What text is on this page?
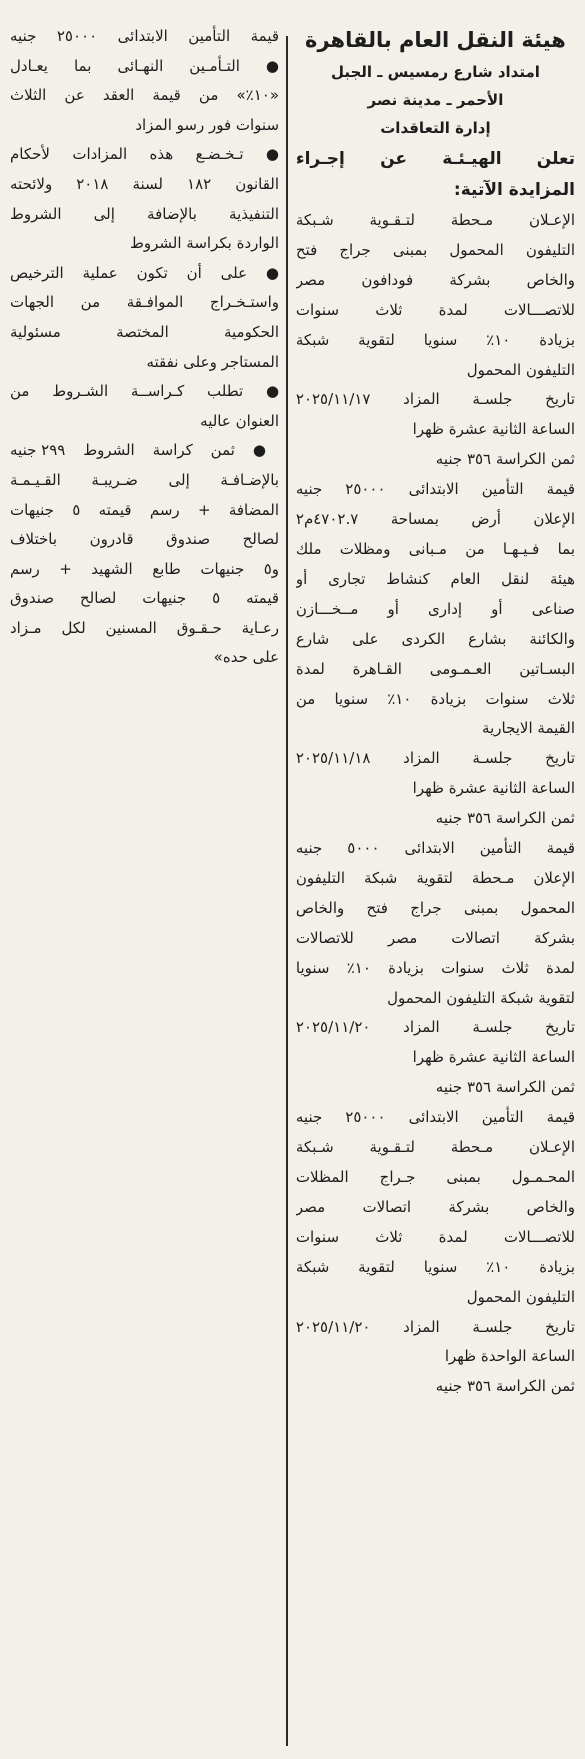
هيئة النقل العام بالقاهرة
امتداد شارع رمسيس ـ الجبل
الأحمر ـ مدينة نصر
إدارة التعاقدات
تعلن الهيـئـة عن إجـراء
المزايدة الآتية:
الإعـلان مـحطة لتـقـوية شـبكة
التليفون المحمول بمبنى جراج فتح
والخاص بشركة فودافون مصر
للاتصـــالات لمدة ثلاث سنوات
بزيادة ١٠٪ سنويا لتقوية شبكة
التليفون المحمول
تاريخ جلسـة المزاد ٢٠٢٥/١١/١٧
الساعة الثانية عشرة ظهرا
ثمن الكراسة ٣٥٦ جنيه
قيمة التأمين الابتدائى ٢٥٠٠٠ جنيه
الإعلان أرض بمساحة ٤٧٠٢.٧م٢
بما فـيـهـا من مـبانى ومظلات ملك
هيئة لنقل العام كنشاط تجارى أو
صناعى أو إدارى أو مــخـــازن
والكائنة بشارع الكردى على شارع
البسـاتين العـمـومى القـاهرة لمدة
ثلاث سنوات بزيادة ١٠٪ سنويا من
القيمة الايجارية
تاريخ جلسـة المزاد ٢٠٢٥/١١/١٨
الساعة الثانية عشرة ظهرا
ثمن الكراسة ٣٥٦ جنيه
قيمة التأمين الابتدائى ٥٠٠٠ جنيه
الإعلان مـحطة لتقوية شبكة التليفون
المحمول بمبنى جراج فتح والخاص
بشركة اتصالات مصر للاتصالات
لمدة ثلاث سنوات بزيادة ١٠٪ سنويا
لتقوية شبكة التليفون المحمول
تاريخ جلسـة المزاد ٢٠٢٥/١١/٢٠
الساعة الثانية عشرة ظهرا
ثمن الكراسة ٣٥٦ جنيه
قيمة التأمين الابتدائى ٢٥٠٠٠ جنيه
الإعـلان مـحطة لتـقـوية شـبكة
المحـمـول بمبنى جـراج المظلات
والخاص بشركة اتصالات مصر
للاتصـــالات لمدة ثلاث سنوات
بزيادة ١٠٪ سنويا لتقوية شبكة
التليفون المحمول
تاريخ جلسـة المزاد ٢٠٢٥/١١/٢٠
الساعة الواحدة ظهرا
ثمن الكراسة ٣٥٦ جنيه
قيمة التأمين الابتدائى ٢٥٠٠٠ جنيه
● التـأمـين النهـائى بما يعـادل
«١٠٪» من قيمة العقد عن الثلاث
سنوات فور رسو المزاد
● تـخـضـع هذه المزادات لأحكام
القانون ١٨٢ لسنة ٢٠١٨ ولائحته
التنفيذية بالإضافة إلى الشروط
الواردة بكراسة الشروط
● على أن تكون عملية الترخيص
واستـخـراج الموافـقة من الجهات
الحكومية المختصة مسئولية
المستاجر وعلى نفقته
● تطلب كـراســة الشـروط من
العنوان عاليه
● ثمن كراسة الشروط ٢٩٩ جنيه
بالإضـافـة إلى ضـريبـة القـيـمـة
المضافة + رسم قيمته ٥ جنيهات
لصالح صندوق قادرون باختلاف
و٥ جنيهات طابع الشهيد + رسم
قيمته ٥ جنيهات لصالح صندوق
رعـاية حـقـوق المسنين لكل مـزاد
على حده»
